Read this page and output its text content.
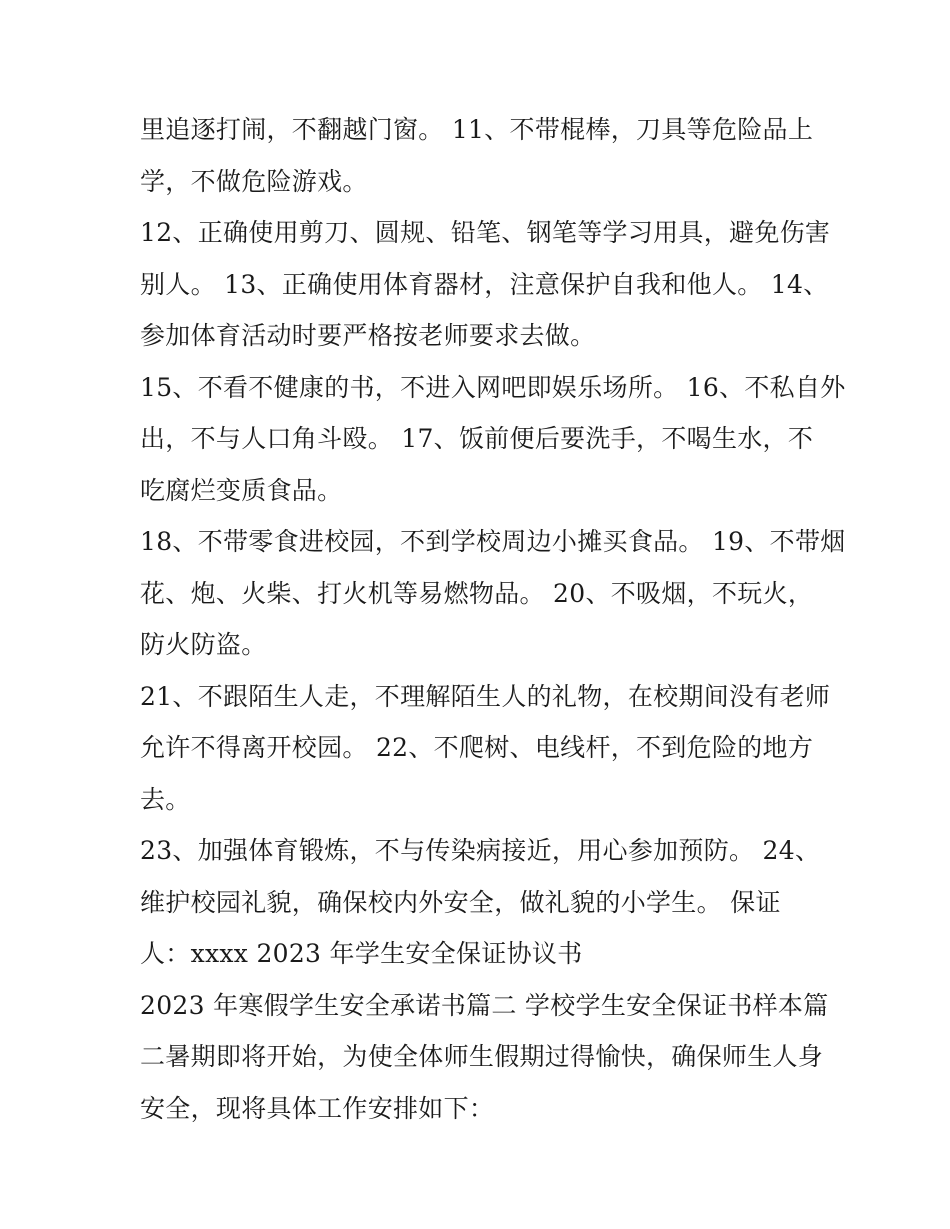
里追逐打闹，不翻越门窗。 11、不带棍棒，刀具等危险品上
学，不做危险游戏。
12、正确使用剪刀、圆规、铅笔、钢笔等学习用具，避免伤害
别人。 13、正确使用体育器材，注意保护自我和他人。 14、
参加体育活动时要严格按老师要求去做。
15、不看不健康的书，不进入网吧即娱乐场所。 16、不私自外
出，不与人口角斗殴。 17、饭前便后要洗手，不喝生水，不
吃腐烂变质食品。
18、不带零食进校园，不到学校周边小摊买食品。 19、不带烟
花、炮、火柴、打火机等易燃物品。 20、不吸烟，不玩火，
防火防盗。
21、不跟陌生人走，不理解陌生人的礼物，在校期间没有老师
允许不得离开校园。 22、不爬树、电线杆，不到危险的地方
去。
23、加强体育锻炼，不与传染病接近，用心参加预防。 24、
维护校园礼貌，确保校内外安全，做礼貌的小学生。 保证
人：xxxx 2023 年学生安全保证协议书
2023 年寒假学生安全承诺书篇二 学校学生安全保证书样本篇
二暑期即将开始，为使全体师生假期过得愉快，确保师生人身
安全，现将具体工作安排如下：
